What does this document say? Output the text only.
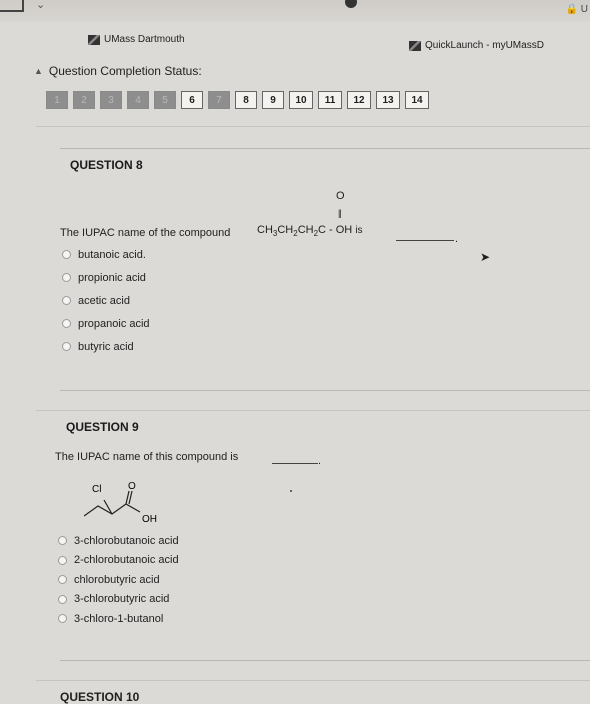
⌄	🔒 U
UMass Dartmouth
QuickLaunch - myUMassD
▲ Question Completion Status:
1	2	3	4	5	6	7	8	9	10	11	12	13	14
QUESTION 8
O
||
The IUPAC name of the compound $CH_3CH_2CH_2C$ - OH is
.
butanoic acid.
propionic acid
acetic acid
propanoic acid
butyric acid
➤
QUESTION 9
The IUPAC name of this compound is	.
Cl	O
OH
3-chlorobutanoic acid
2-chlorobutanoic acid
chlorobutyric acid
3-chlorobutyric acid
3-chloro-1-butanol
QUESTION 10
